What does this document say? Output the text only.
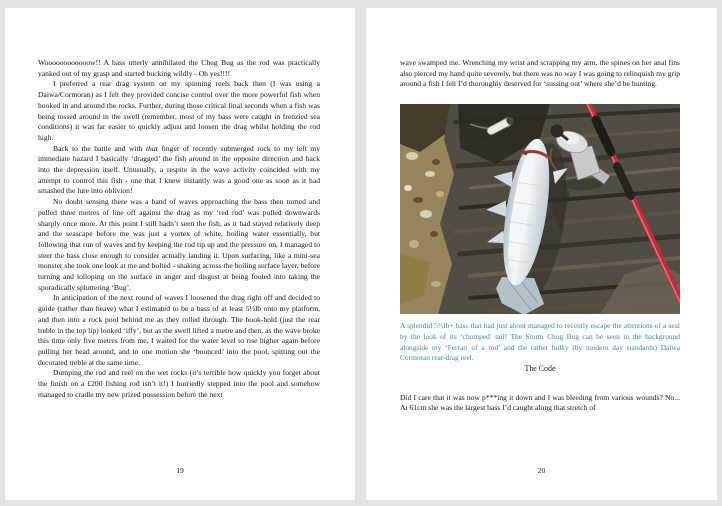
Woooooooooooow!! A bass utterly annihilated the Chug Bug as the rod was practically yanked out of my grasp and started bucking wildly - Oh yes!!!!

I preferred a rear drag system on my spinning reels back then (I was using a Daiwa/Cormoran) as I felt they provided concise control over the more powerful fish when hooked in and around the rocks. Further, during those critical final seconds when a fish was being tossed around in the swell (remember, most of my bass were caught in frenzied sea conditions) it was far easier to quickly adjust and loosen the drag whilst holding the rod high.

Back to the battle and with that finger of recently submerged rock to my left my immediate hazard I basically ‘dragged’ the fish around in the opposite direction and back into the depression itself. Unusually, a respite in the wave activity coincided with my attempt to control this fish - one that I knew instantly was a good one as soon as it had smashed the lure into oblivion!

No doubt sensing there was a band of waves approaching the bass then turned and pulled three metres of line off against the drag as my ‘red rod’ was pulled downwards sharply once more. At this point I still hadn’t seen the fish, as it had stayed relatively deep and the seascape before me was just a vortex of white, boiling water essentially, but following that run of waves and by keeping the rod tip up and the pressure on, I managed to steer the bass close enough to consider actually landing it. Upon surfacing, like a mini-sea monster she took one look at me and bolted - snaking across the boiling surface layer, before turning and lolloping on the surface in anger and disgust at being fooled into taking the sporadically spluttering ‘Bug’.

In anticipation of the next round of waves I loosened the drag right off and decided to guide (rather than heave) what I estimated to be a bass of at least 5½lb onto my platform, and then into a rock pool behind me as they rolled through. The hook-hold (just the rear treble in the top lip) looked ‘iffy’, but as the swell lifted a metre and then, as the wave broke this time only five metres from me, I waited for the water level to rise higher again before pulling her head around, and in one motion she ‘bounced’ into the pool, spitting out the decorated treble at the same time.

Dumping the rod and reel on the wet rocks (it’s terrible how quickly you forget about the finish on a £200 fishing rod isn’t it!) I hurriedly stepped into the pool and somehow managed to cradle my new prized possession before the next

19

wave swamped me. Wrenching my wrist and scrapping my arm, the spines on her anal fins also pierced my hand quite severely, but there was no way I was going to relinquish my grip around a fish I felt I’d thoroughly deserved for ‘sussing out’ where she’d be hunting.

A splendid 5½lb+ bass that had just about managed to recently escape the attentions of a seal by the look of its ‘chomped’ tail! The Storm Chug Bug can be seen in the background alongside my ‘Ferrari of a rod’ and the rather bulky (by modern day standards) Daiwa Cormoran rear-drag reel.

The Code

Did I care that it was now p***ing it down and I was bleeding from various wounds? No... At 61cm she was the largest bass I’d caught along that stretch of

20
